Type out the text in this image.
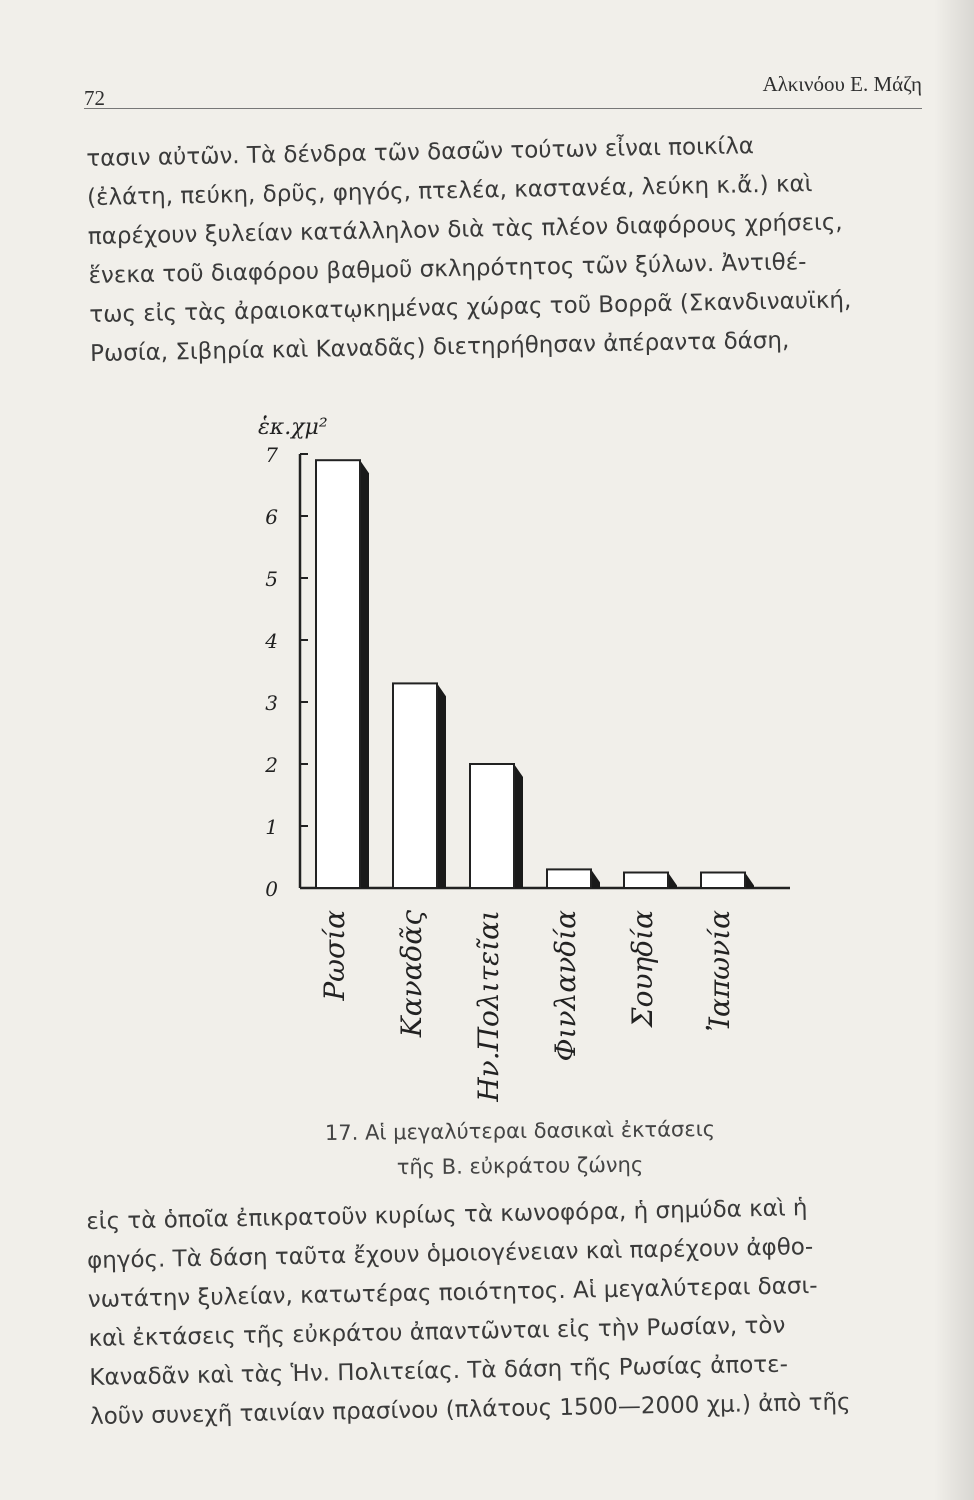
72
Αλκινόου Ε. Μάζη
τασιν αὐτῶν. Τὰ δένδρα τῶν δασῶν τούτων εἶναι ποικίλα
(ἐλάτη, πεύκη, δρῦς, φηγός, πτελέα, καστανέα, λεύκη κ.ἄ.) καὶ
παρέχουν ξυλείαν κατάλληλον διὰ τὰς πλέον διαφόρους χρήσεις,
ἕνεκα τοῦ διαφόρου βαθμοῦ σκληρότητος τῶν ξύλων. Ἀντιθέ-
τως εἰς τὰς ἀραιοκατῳκημένας χώρας τοῦ Βορρᾶ (Σκανδιναυϊκή,
Ρωσία, Σιβηρία καὶ Καναδᾶς) διετηρήθησαν ἀπέραντα δάση,
ἑκ.χμ²
0
1
2
3
4
5
6
7
Ρωσία Καναδᾶς Ην.Πολιτεῖαι Φινλανδία Σουηδία Ἰαπωνία
17. Αἱ μεγαλύτεραι δασικαὶ ἐκτάσεις
τῆς Β. εὐκράτου ζώνης
εἰς τὰ ὁποῖα ἐπικρατοῦν κυρίως τὰ κωνοφόρα, ἡ σημύδα καὶ ἡ
φηγός. Τὰ δάση ταῦτα ἔχουν ὁμοιογένειαν καὶ παρέχουν ἀφθο-
νωτάτην ξυλείαν, κατωτέρας ποιότητος. Αἱ μεγαλύτεραι δασι-
καὶ ἐκτάσεις τῆς εὐκράτου ἀπαντῶνται εἰς τὴν Ρωσίαν, τὸν
Καναδᾶν καὶ τὰς Ἡν. Πολιτείας. Τὰ δάση τῆς Ρωσίας ἀποτε-
λοῦν συνεχῆ ταινίαν πρασίνου (πλάτους 1500—2000 χμ.) ἀπὸ τῆς
